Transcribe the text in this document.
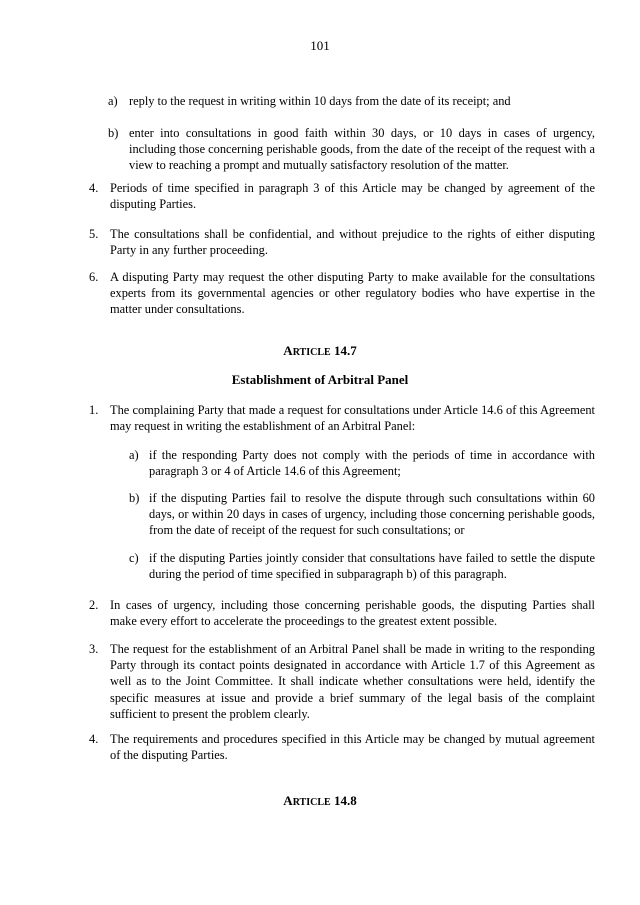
101
a) reply to the request in writing within 10 days from the date of its receipt; and
b) enter into consultations in good faith within 30 days, or 10 days in cases of urgency, including those concerning perishable goods, from the date of the receipt of the request with a view to reaching a prompt and mutually satisfactory resolution of the matter.
4. Periods of time specified in paragraph 3 of this Article may be changed by agreement of the disputing Parties.
5. The consultations shall be confidential, and without prejudice to the rights of either disputing Party in any further proceeding.
6. A disputing Party may request the other disputing Party to make available for the consultations experts from its governmental agencies or other regulatory bodies who have expertise in the matter under consultations.
ARTICLE 14.7
Establishment of Arbitral Panel
1. The complaining Party that made a request for consultations under Article 14.6 of this Agreement may request in writing the establishment of an Arbitral Panel:
a) if the responding Party does not comply with the periods of time in accordance with paragraph 3 or 4 of Article 14.6 of this Agreement;
b) if the disputing Parties fail to resolve the dispute through such consultations within 60 days, or within 20 days in cases of urgency, including those concerning perishable goods, from the date of receipt of the request for such consultations; or
c) if the disputing Parties jointly consider that consultations have failed to settle the dispute during the period of time specified in subparagraph b) of this paragraph.
2. In cases of urgency, including those concerning perishable goods, the disputing Parties shall make every effort to accelerate the proceedings to the greatest extent possible.
3. The request for the establishment of an Arbitral Panel shall be made in writing to the responding Party through its contact points designated in accordance with Article 1.7 of this Agreement as well as to the Joint Committee. It shall indicate whether consultations were held, identify the specific measures at issue and provide a brief summary of the legal basis of the complaint sufficient to present the problem clearly.
4. The requirements and procedures specified in this Article may be changed by mutual agreement of the disputing Parties.
ARTICLE 14.8
